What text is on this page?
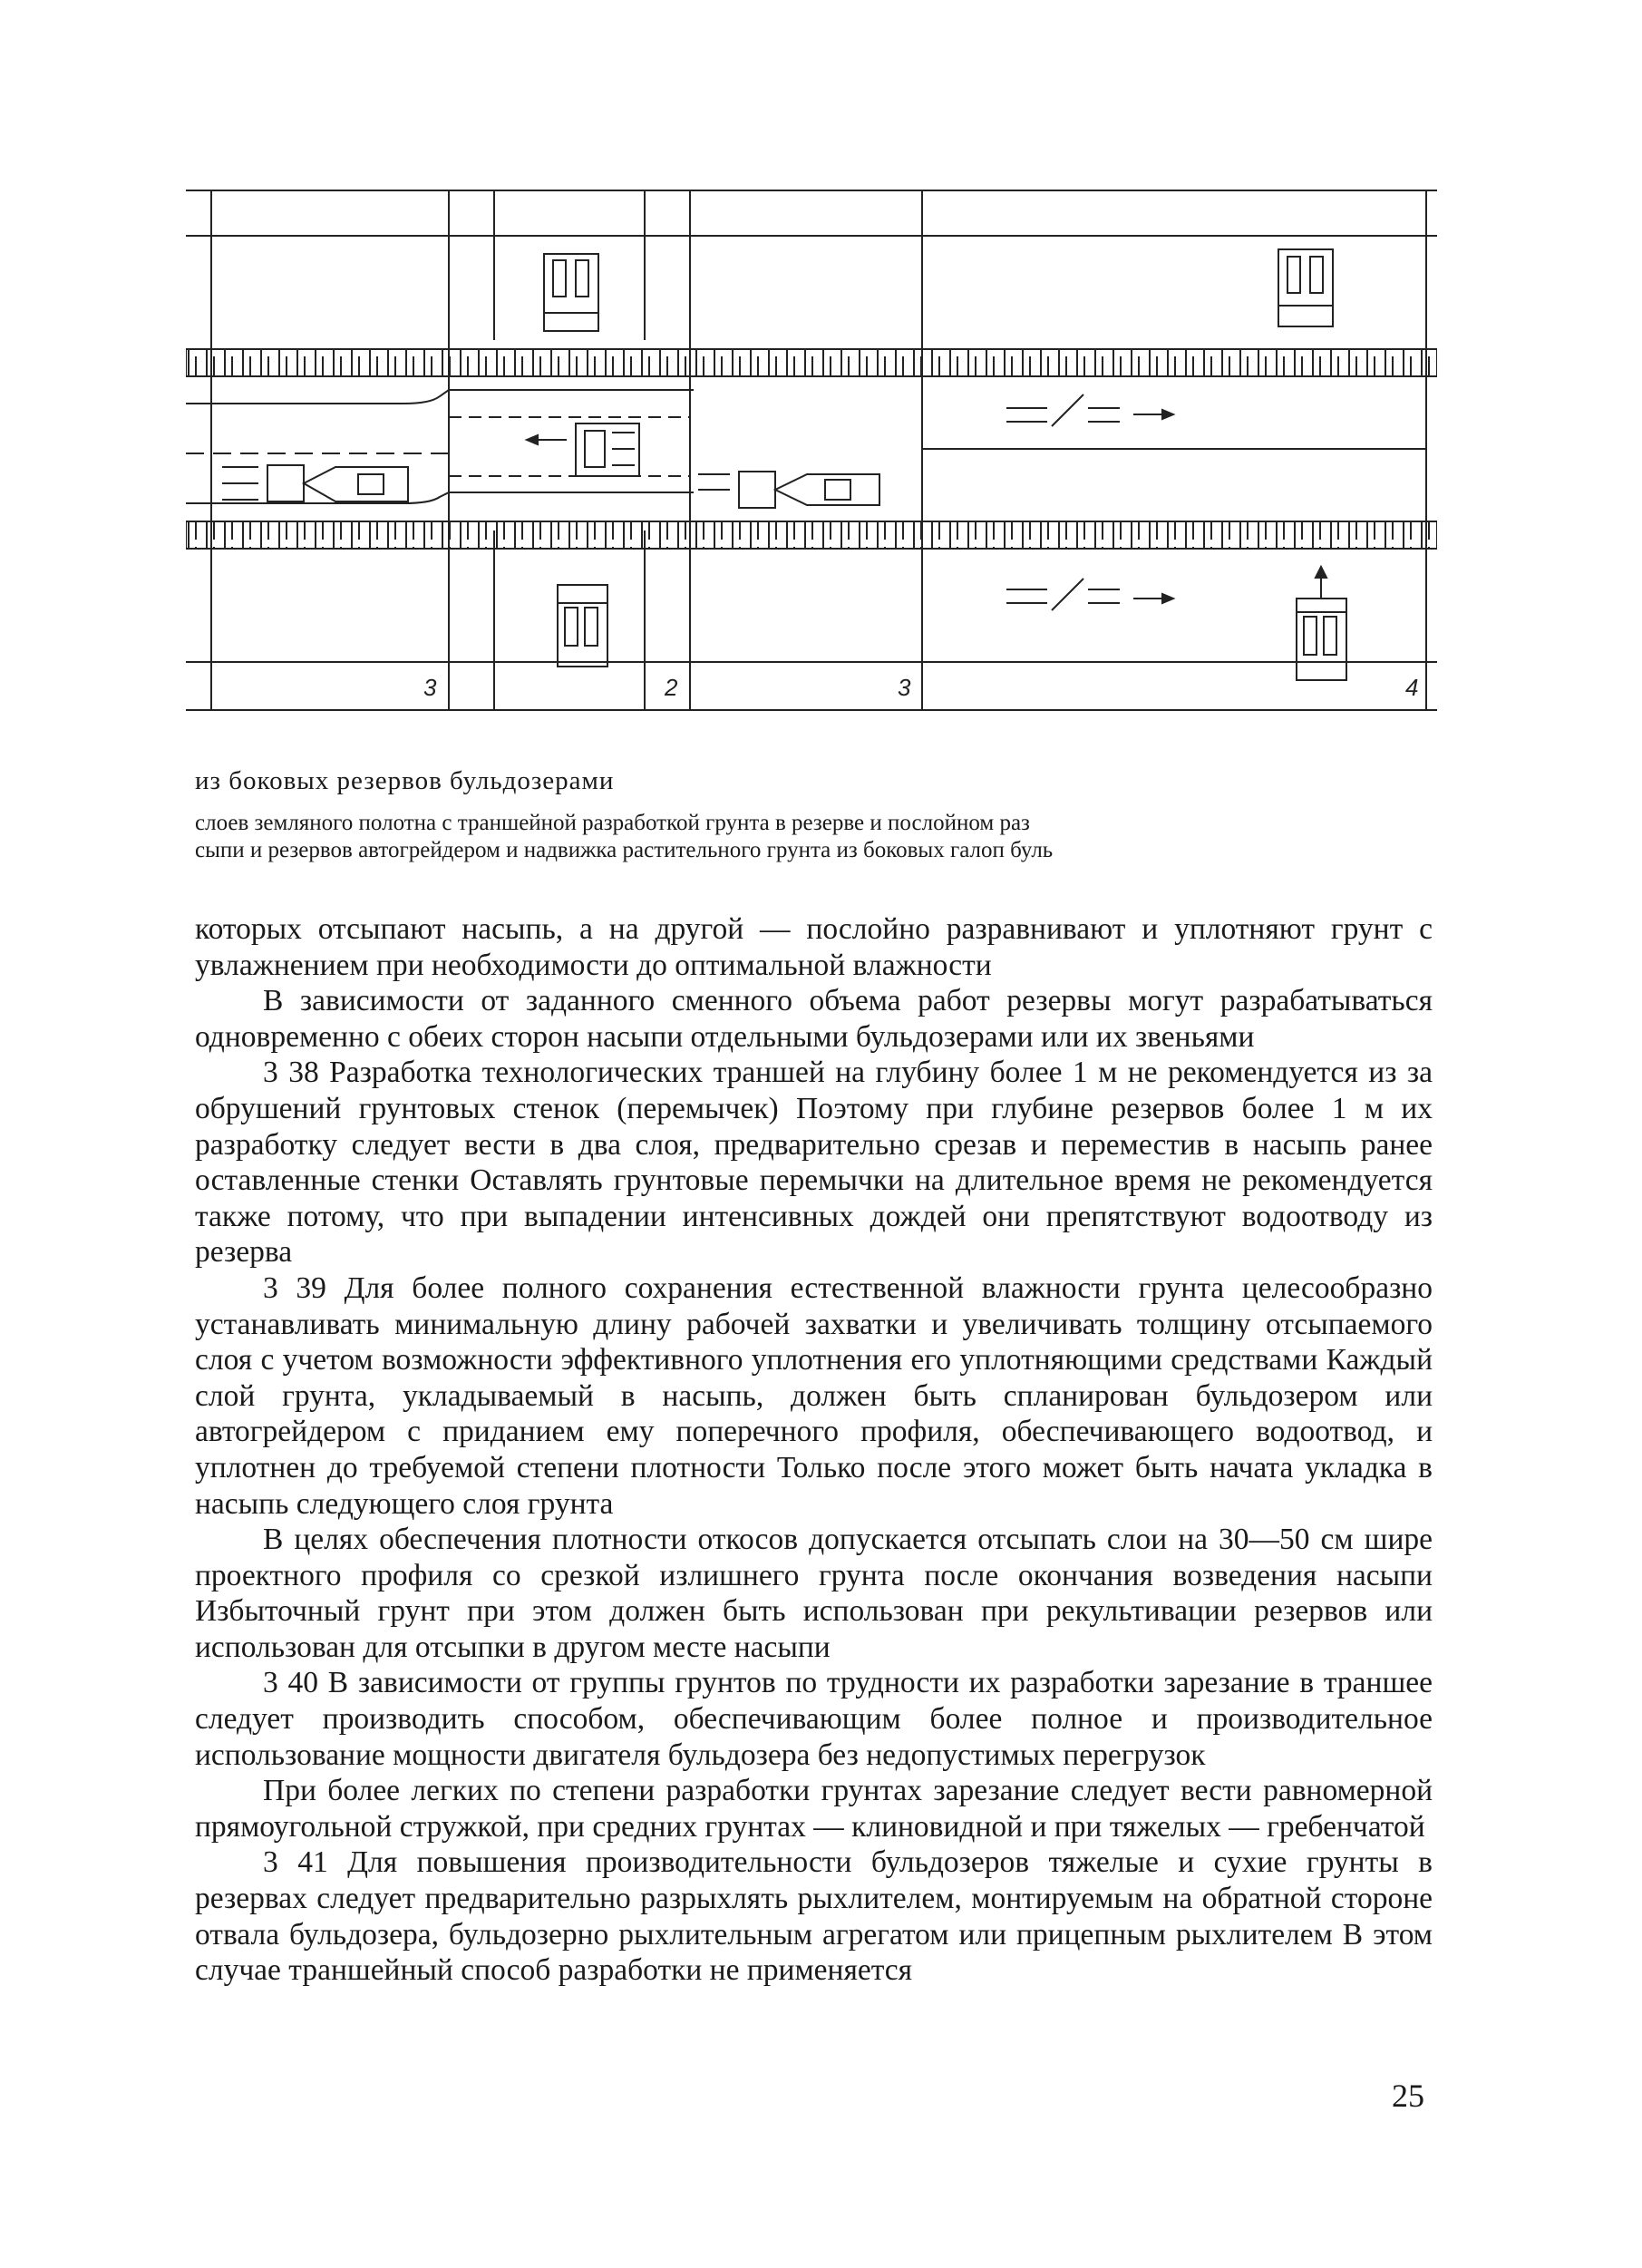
3	2	3	4
из боковых резервов бульдозерами
слоев земляного полотна с траншейной разработкой грунта в резерве и послойном раз
сыпи и резервов автогрейдером и надвижка растительного грунта из боковых галоп буль

которых отсыпают насыпь, а на другой — послойно разравнивают и уплотняют грунт с увлажнением при необходимости до оптимальной влажности

В зависимости от заданного сменного объема работ резервы могут разрабатываться одновременно с обеих сторон насыпи отдельными бульдозерами или их звеньями

3 38 Разработка технологических траншей на глубину более 1 м не рекомендуется из за обрушений грунтовых стенок (перемычек) Поэтому при глубине резервов более 1 м их разработку следует вести в два слоя, предварительно срезав и переместив в насыпь ранее оставленные стенки Оставлять грунтовые перемычки на длительное время не рекомендуется также потому, что при выпадении интенсивных дождей они препятствуют водоотводу из резерва

3 39 Для более полного сохранения естественной влажности грунта целесообразно устанавливать минимальную длину рабочей захватки и увеличивать толщину отсыпаемого слоя с учетом возможности эффективного уплотнения его уплотняющими средствами Каждый слой грунта, укладываемый в насыпь, должен быть спланирован бульдозером или автогрейдером с приданием ему поперечного профиля, обеспечивающего водоотвод, и уплотнен до требуемой степени плотности Только после этого может быть начата укладка в насыпь следующего слоя грунта

В целях обеспечения плотности откосов допускается отсыпать слои на 30—50 см шире проектного профиля со срезкой излишнего грунта после окончания возведения насыпи Избыточный грунт при этом должен быть использован при рекультивации резервов или использован для отсыпки в другом месте насыпи

3 40 В зависимости от группы грунтов по трудности их разработки зарезание в траншее следует производить способом, обеспечивающим более полное и производительное использование мощности двигателя бульдозера без недопустимых перегрузок

При более легких по степени разработки грунтах зарезание следует вести равномерной прямоугольной стружкой, при средних грунтах — клиновидной и при тяжелых — гребенчатой

3 41 Для повышения производительности бульдозеров тяжелые и сухие грунты в резервах следует предварительно разрыхлять рыхлителем, монтируемым на обратной стороне отвала бульдозера, бульдозерно рыхлительным агрегатом или прицепным рыхлителем В этом случае траншейный способ разработки не применяется

25
